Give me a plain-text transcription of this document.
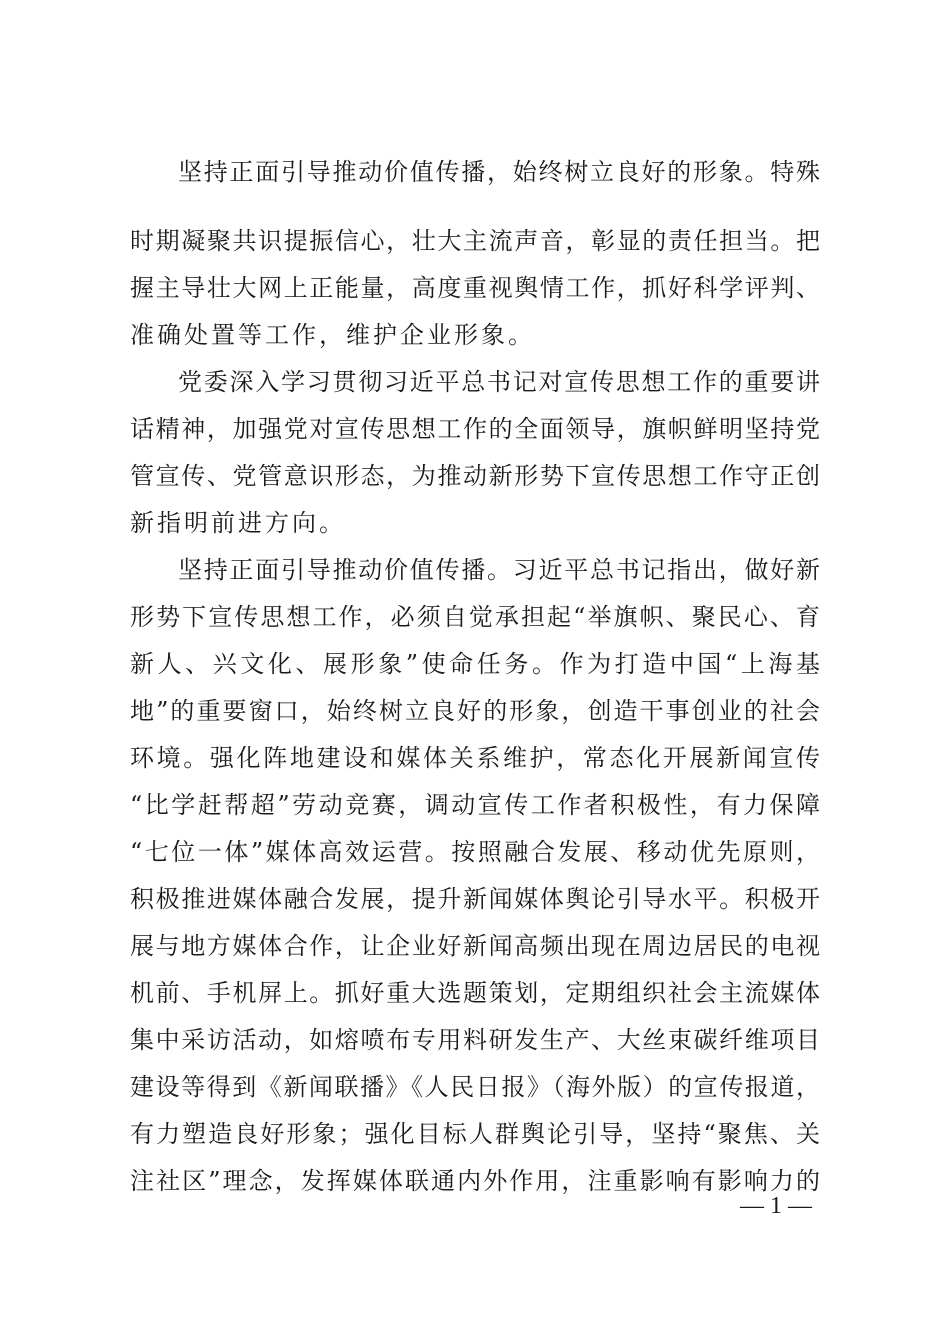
坚持正面引导推动价值传播，始终树立良好的形象。特殊
时期凝聚共识提振信心，壮大主流声音，彰显的责任担当。把
握主导壮大网上正能量，高度重视舆情工作，抓好科学评判、
准确处置等工作，维护企业形象。
党委深入学习贯彻习近平总书记对宣传思想工作的重要讲
话精神，加强党对宣传思想工作的全面领导，旗帜鲜明坚持党
管宣传、党管意识形态，为推动新形势下宣传思想工作守正创
新指明前进方向。
坚持正面引导推动价值传播。习近平总书记指出，做好新
形势下宣传思想工作，必须自觉承担起“举旗帜、聚民心、育
新人、兴文化、展形象”使命任务。作为打造中国“上海基
地”的重要窗口，始终树立良好的形象，创造干事创业的社会
环境。强化阵地建设和媒体关系维护，常态化开展新闻宣传
“比学赶帮超”劳动竞赛，调动宣传工作者积极性，有力保障
“七位一体”媒体高效运营。按照融合发展、移动优先原则，
积极推进媒体融合发展，提升新闻媒体舆论引导水平。积极开
展与地方媒体合作，让企业好新闻高频出现在周边居民的电视
机前、手机屏上。抓好重大选题策划，定期组织社会主流媒体
集中采访活动，如熔喷布专用料研发生产、大丝束碳纤维项目
建设等得到《新闻联播》《人民日报》（海外版）的宣传报道，
有力塑造良好形象；强化目标人群舆论引导，坚持“聚焦、关
注社区”理念，发挥媒体联通内外作用，注重影响有影响力的
— 1 —
